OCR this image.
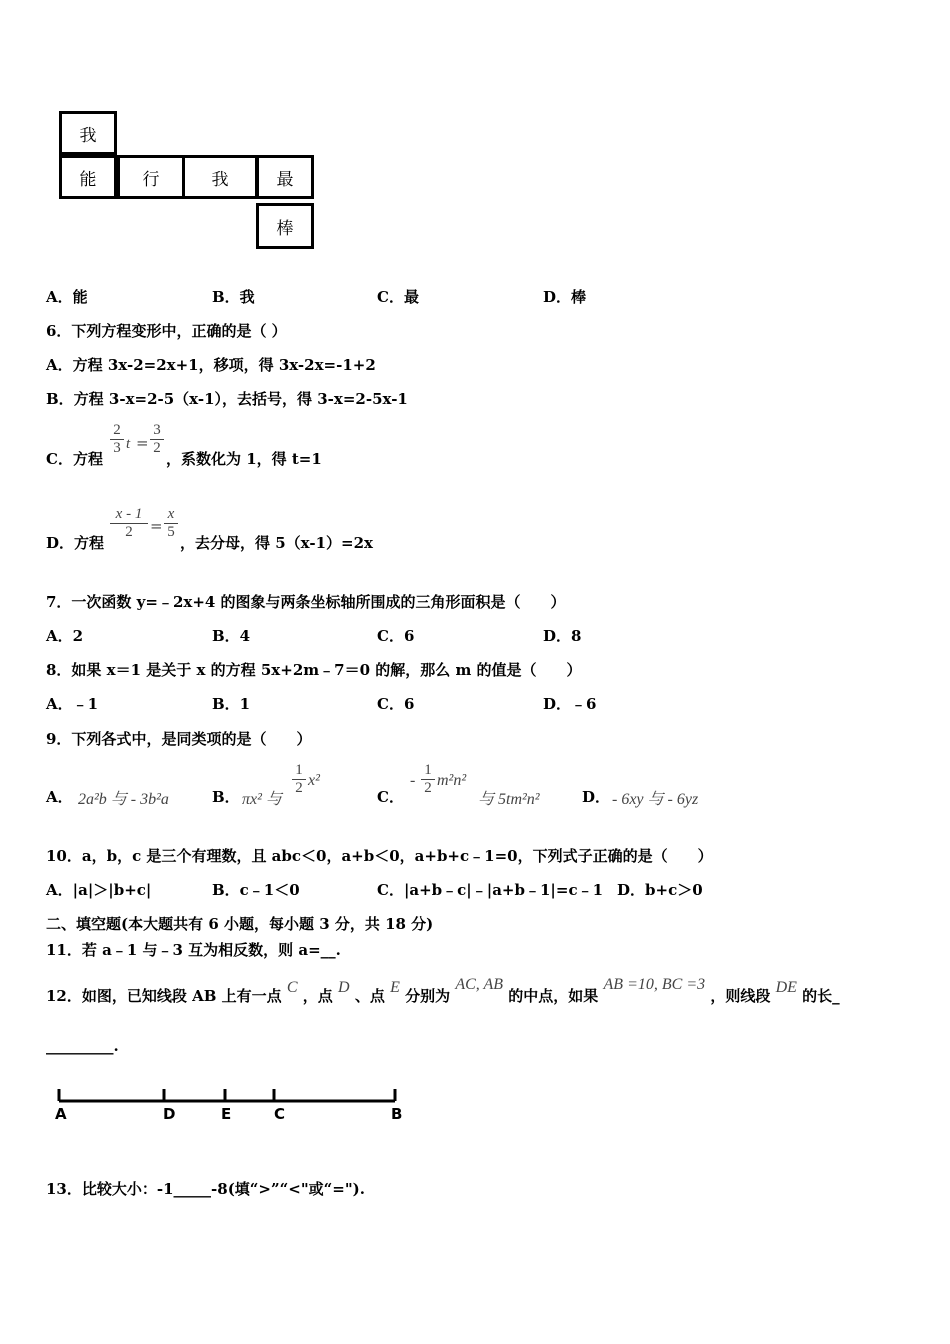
我
能	行	我	最
棒
A．能	B．我	C．最	D．棒
6．下列方程变形中，正确的是（ ）
A．方程 3x-2=2x+1，移项，得 3x-2x=-1+2
B．方程 3-x=2-5（x-1），去括号，得 3-x=2-5x-1
C．方程
$\frac{2}{3}$ $t = \frac{3}{2}$
，系数化为 1，得 t=1
D．方程
$\frac{x - 1}{2} = \frac{x}{5}$
，去分母，得 5（x-1）=2x
7．一次函数 y=﹣2x+4 的图象与两条坐标轴所围成的三角形面积是（　　）
A．2	B．4	C．6	D．8
8．如果 x＝1 是关于 x 的方程 5x+2m﹣7＝0 的解，那么 m 的值是（　　）
A．﹣1	B．1	C．6	D．﹣6
9．下列各式中，是同类项的是（　　）
A． 2a²b 与 - 3b²a	B． πx² 与
$\frac{1}{2} x^2$
C．
- $\frac{1}{2} m^2n^2$
与 5tm²n²	D． - 6xy 与 - 6yz
10．a，b，c 是三个有理数，且 abc＜0，a+b＜0，a+b+c﹣1=0，下列式子正确的是（　　）
A．|a|＞|b+c|	B．c﹣1＜0	C．|a+b﹣c|﹣|a+b﹣1|=c﹣1 D．b+c＞0
二、填空题(本大题共有 6 小题，每小题 3 分，共 18 分)
11．若 a﹣1 与﹣3 互为相反数，则 a=__.
12．如图，已知线段 AB 上有一点 C ，点 D 、点 E 分别为 AC, AB 的中点，如果 AB =10, BC =3 ，则线段 DE 的长_
_________.
A	D	E	C	B
13．比较大小：-1_____-8(填“>”“<"或“=").
